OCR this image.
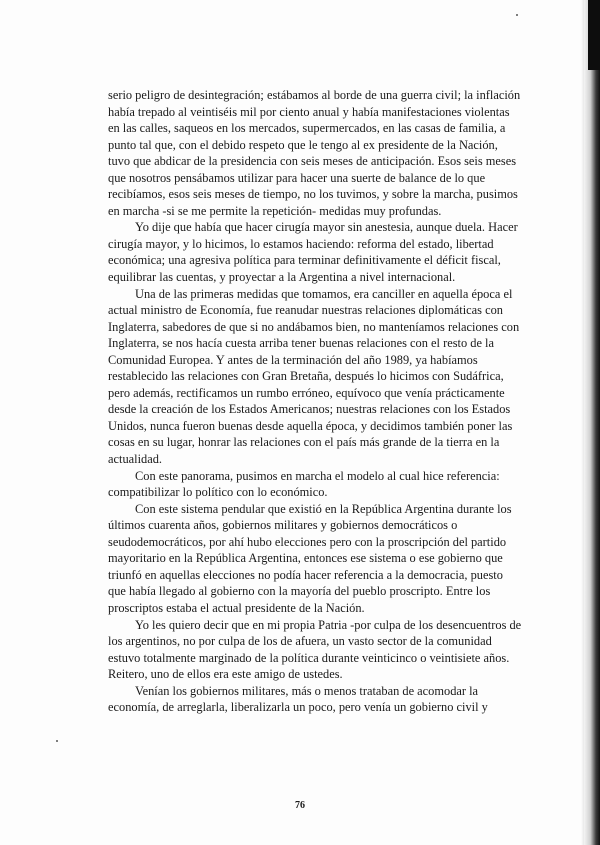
serio peligro de desintegración; estábamos al borde de una guerra civil; la inflación había trepado al veintiséis mil por ciento anual y había manifestaciones violentas en las calles, saqueos en los mercados, supermercados, en las casas de familia, a punto tal que, con el debido respeto que le tengo al ex presidente de la Nación, tuvo que abdicar de la presidencia con seis meses de anticipación. Esos seis meses que nosotros pensábamos utilizar para hacer una suerte de balance de lo que recibíamos, esos seis meses de tiempo, no los tuvimos, y sobre la marcha, pusimos en marcha -si se me permite la repetición- medidas muy profundas.

Yo dije que había que hacer cirugía mayor sin anestesia, aunque duela. Hacer cirugía mayor, y lo hicimos, lo estamos haciendo: reforma del estado, libertad económica; una agresiva política para terminar definitivamente el déficit fiscal, equilibrar las cuentas, y proyectar a la Argentina a nivel internacional.

Una de las primeras medidas que tomamos, era canciller en aquella época el actual ministro de Economía, fue reanudar nuestras relaciones diplomáticas con Inglaterra, sabedores de que si no andábamos bien, no manteníamos relaciones con Inglaterra, se nos hacía cuesta arriba tener buenas relaciones con el resto de la Comunidad Europea. Y antes de la terminación del año 1989, ya habíamos restablecido las relaciones con Gran Bretaña, después lo hicimos con Sudáfrica, pero además, rectificamos un rumbo erróneo, equívoco que venía prácticamente desde la creación de los Estados Americanos; nuestras relaciones con los Estados Unidos, nunca fueron buenas desde aquella época, y decidimos también poner las cosas en su lugar, honrar las relaciones con el país más grande de la tierra en la actualidad.

Con este panorama, pusimos en marcha el modelo al cual hice referencia: compatibilizar lo político con lo económico.

Con este sistema pendular que existió en la República Argentina durante los últimos cuarenta años, gobiernos militares y gobiernos democráticos o seudodemocráticos, por ahí hubo elecciones pero con la proscripción del partido mayoritario en la República Argentina, entonces ese sistema o ese gobierno que triunfó en aquellas elecciones no podía hacer referencia a la democracia, puesto que había llegado al gobierno con la mayoría del pueblo proscripto. Entre los proscriptos estaba el actual presidente de la Nación.

Yo les quiero decir que en mi propia Patria -por culpa de los desencuentros de los argentinos, no por culpa de los de afuera, un vasto sector de la comunidad estuvo totalmente marginado de la política durante veinticinco o veintisiete años. Reitero, uno de ellos era este amigo de ustedes.

Venían los gobiernos militares, más o menos trataban de acomodar la economía, de arreglarla, liberalizarla un poco, pero venía un gobierno civil y

76
